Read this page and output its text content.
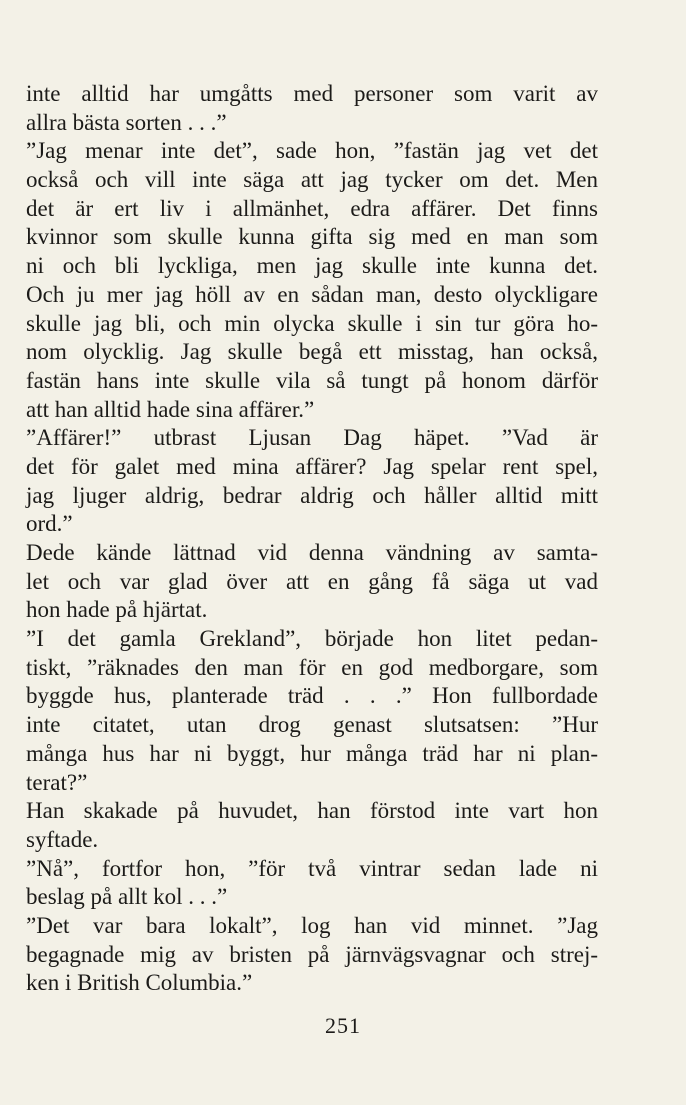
inte alltid har umgåtts med personer som varit av
allra bästa sorten . . .”
”Jag menar inte det”, sade hon, ”fastän jag vet det
också och vill inte säga att jag tycker om det. Men
det är ert liv i allmänhet, edra affärer. Det finns
kvinnor som skulle kunna gifta sig med en man som
ni och bli lyckliga, men jag skulle inte kunna det.
Och ju mer jag höll av en sådan man, desto olyckligare
skulle jag bli, och min olycka skulle i sin tur göra ho-
nom olycklig. Jag skulle begå ett misstag, han också,
fastän hans inte skulle vila så tungt på honom därför
att han alltid hade sina affärer.”
”Affärer!” utbrast Ljusan Dag häpet. ”Vad är
det för galet med mina affärer? Jag spelar rent spel,
jag ljuger aldrig, bedrar aldrig och håller alltid mitt
ord.”
Dede kände lättnad vid denna vändning av samta-
let och var glad över att en gång få säga ut vad
hon hade på hjärtat.
”I det gamla Grekland”, började hon litet pedan-
tiskt, ”räknades den man för en god medborgare, som
byggde hus, planterade träd . . .” Hon fullbordade
inte citatet, utan drog genast slutsatsen: ”Hur
många hus har ni byggt, hur många träd har ni plan-
terat?”
Han skakade på huvudet, han förstod inte vart hon
syftade.
”Nå”, fortfor hon, ”för två vintrar sedan lade ni
beslag på allt kol . . .”
”Det var bara lokalt”, log han vid minnet. ”Jag
begagnade mig av bristen på järnvägsvagnar och strej-
ken i British Columbia.”
251
